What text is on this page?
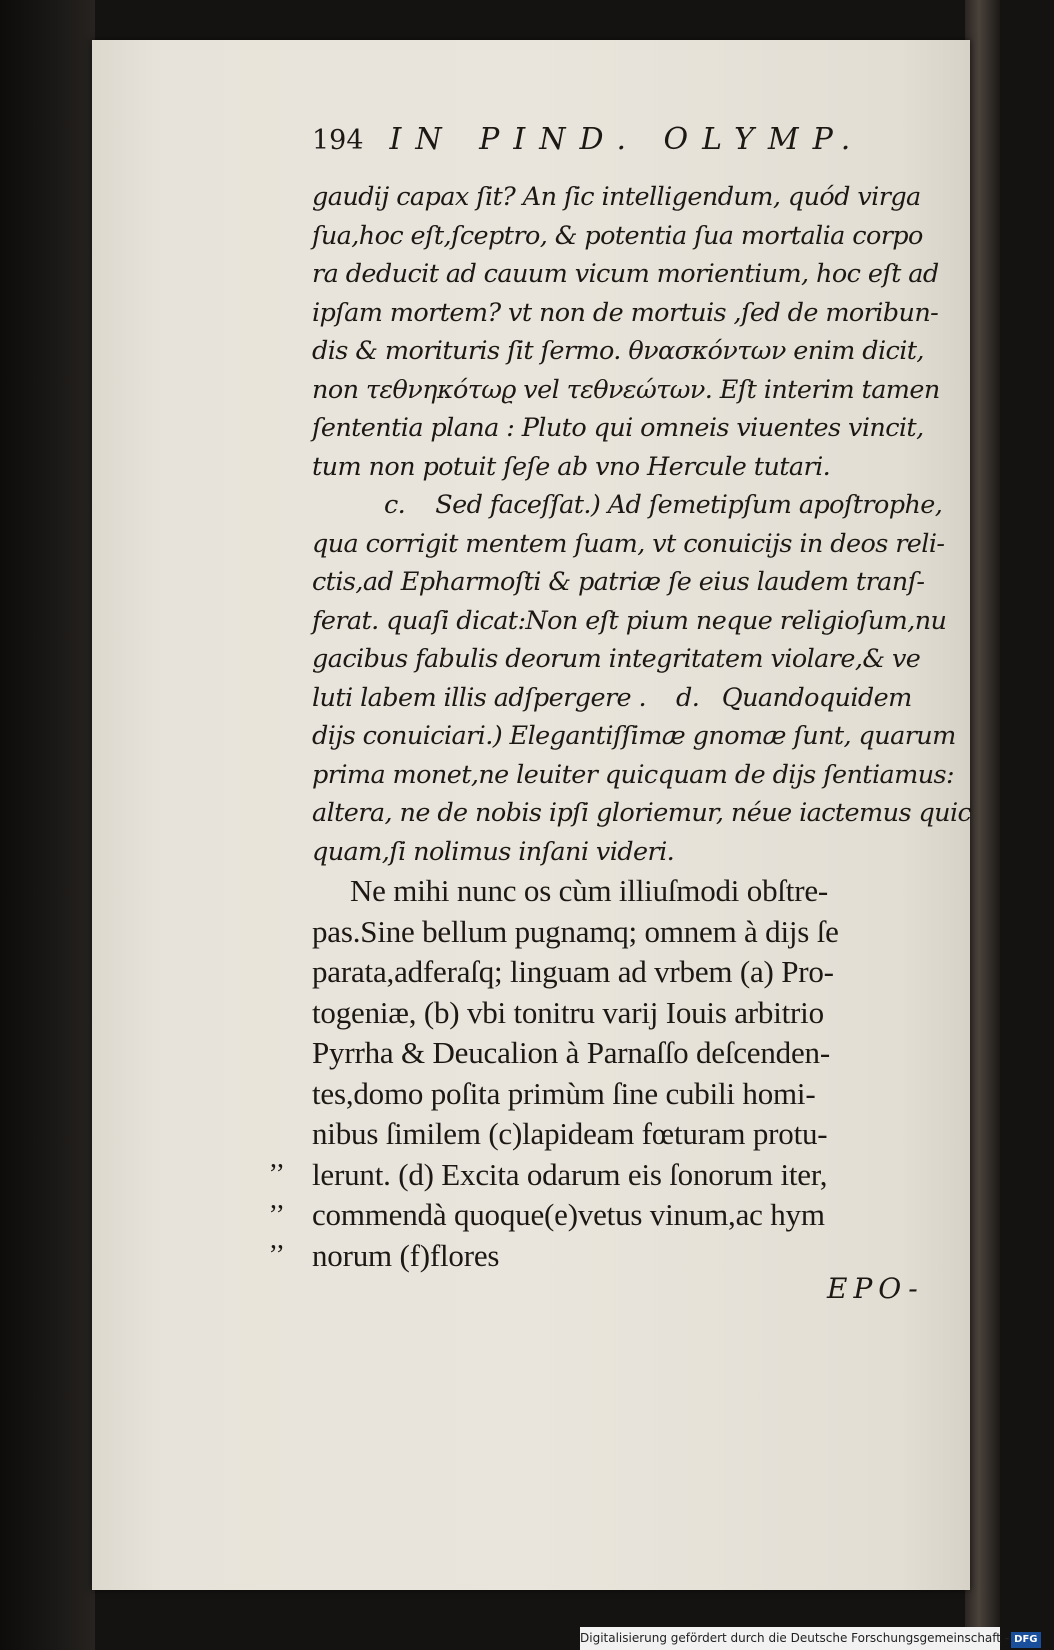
194 IN PIND. OLYMP.
gaudij capax ſit? An ſic intelligendum, quód virga
ſua,hoc eſt,ſceptro, & potentia ſua mortalia corpo
ra deducit ad cauum vicum morientium, hoc eſt ad
ipſam mortem? vt non de mortuis ,ſed de moribun-
dis & morituris ſit ſermo. θνασκόντων enim dicit,
non τεθνηκότωϱ vel τεθνεώτων. Eſt interim tamen
ſententia plana : Pluto qui omneis viuentes vincit,
tum non potuit ſeſe ab vno Hercule tutari.
c.    Sed faceſſat.) Ad ſemetipſum apoſtrophe,
qua corrigit mentem ſuam, vt conuicijs in deos reli-
ctis,ad Epharmoſti & patriæ ſe eius laudem tranſ-
ferat. quaſi dicat:Non eſt pium neque religioſum,nu
gacibus fabulis deorum integritatem violare,& ve
luti labem illis adſpergere .    d.   Quandoquidem
dijs conuiciari.) Elegantiſſimæ gnomæ ſunt, quarum
prima monet,ne leuiter quicquam de dijs ſentiamus:
altera, ne de nobis ipſi gloriemur, néue iactemus quic
quam,ſi nolimus inſani videri.
Ne mihi nunc os cùm illiuſmodi obſtre-
pas.Sine bellum pugnamq; omnem à dijs ſe
parata,adferaſq; linguam ad vrbem (a) Pro-
togeniæ, (b) vbi tonitru varij Iouis arbitrio
Pyrrha & Deucalion à Parnaſſo deſcenden-
tes,domo poſita primùm ſine cubili homi-
nibus ſimilem (c)lapideam fœturam protu-
lerunt. (d) Excita odarum eis ſonorum iter,
commendà quoque(e)vetus vinum,ac hym
norum (f)flores
,,
,,
,,
EPO-
Digitalisierung gefördert durch die Deutsche Forschungsgemeinschaft - DFG
